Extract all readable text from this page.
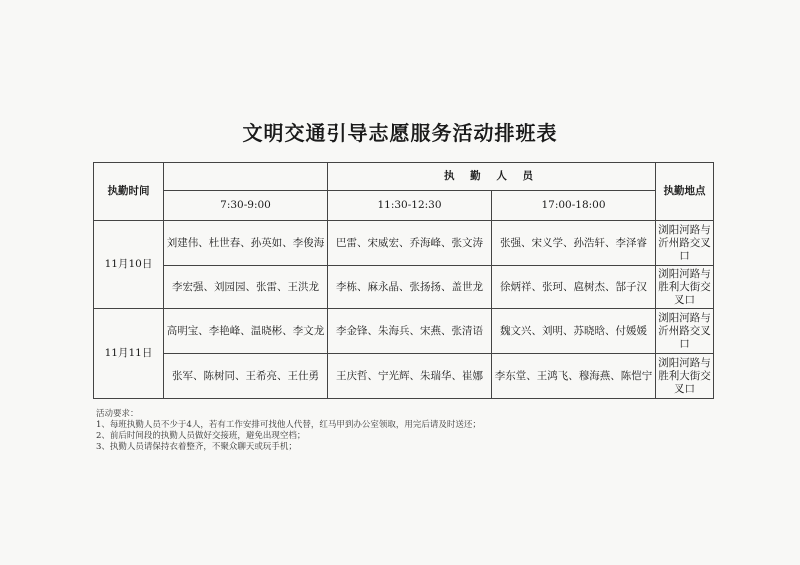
文明交通引导志愿服务活动排班表
执勤时间		执 勤 人 员		执勤地点
	7:30-9:00	11:30-12:30	17:00-18:00	
11月10日	刘建伟、杜世春、孙英如、李俊海	巴雷、宋威宏、乔海峰、张文涛	张强、宋义学、孙浩轩、李泽睿	浏阳河路与沂州路交叉口
	李宏强、刘园园、张雷、王洪龙	李栋、麻永晶、张扬扬、盖世龙	徐炳祥、张珂、扈树杰、郜子汉	浏阳河路与胜利大街交叉口
11月11日	高明宝、李艳峰、温晓彬、李文龙	李金锋、朱海兵、宋燕、张清语	魏文兴、刘明、苏晓晗、付媛媛	浏阳河路与沂州路交叉口
	张军、陈树同、王希亮、王仕勇	王庆哲、宁光辉、朱瑞华、崔娜	李东堂、王鸿飞、穆海燕、陈恺宁	浏阳河路与胜利大街交叉口
活动要求：
1、每班执勤人员不少于4人，若有工作安排可找他人代替，红马甲到办公室领取，用完后请及时送还；
2、前后时间段的执勤人员做好交接班，避免出现空档；
3、执勤人员请保持衣着整齐，不聚众聊天或玩手机；
